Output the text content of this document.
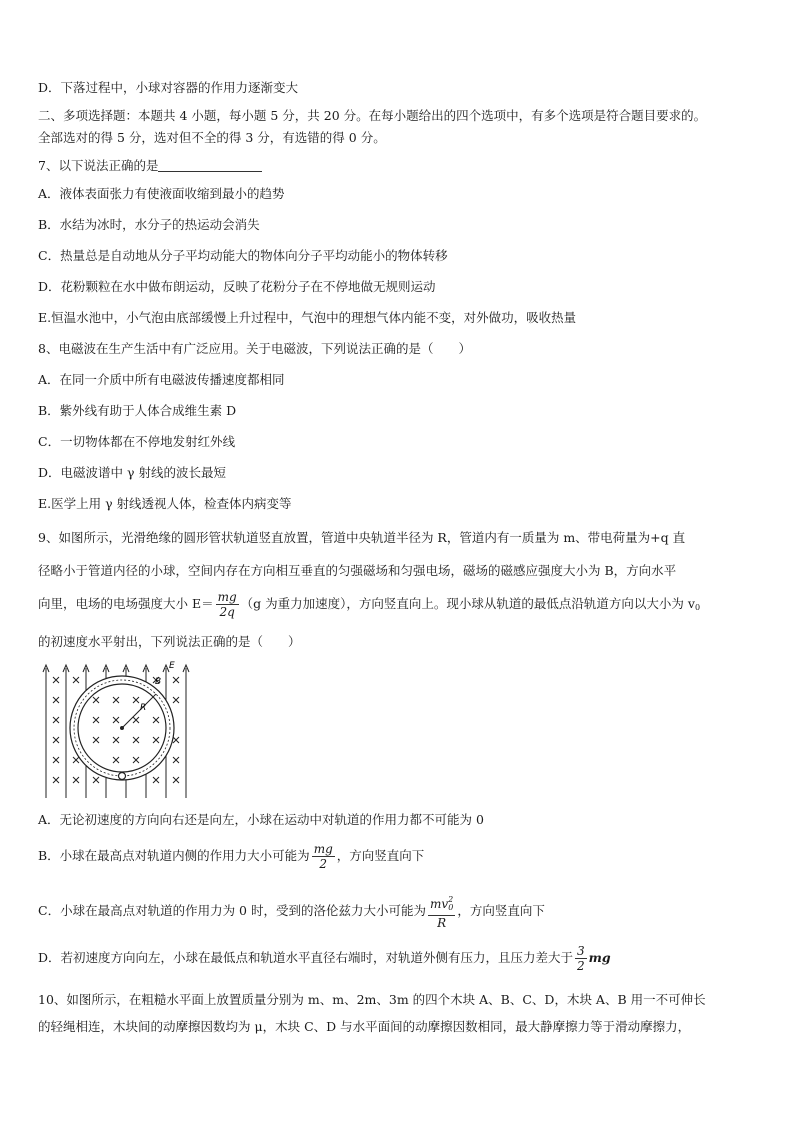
D．下落过程中，小球对容器的作用力逐渐变大
二、多项选择题：本题共 4 小题，每小题 5 分，共 20 分。在每小题给出的四个选项中，有多个选项是符合题目要求的。
全部选对的得 5 分，选对但不全的得 3 分，有选错的得 0 分。
7、以下说法正确的是
A．液体表面张力有使液面收缩到最小的趋势
B．水结为冰时，水分子的热运动会消失
C．热量总是自动地从分子平均动能大的物体向分子平均动能小的物体转移
D．花粉颗粒在水中做布朗运动，反映了花粉分子在不停地做无规则运动
E.恒温水池中，小气泡由底部缓慢上升过程中，气泡中的理想气体内能不变，对外做功，吸收热量
8、电磁波在生产生活中有广泛应用。关于电磁波，下列说法正确的是（　　）
A．在同一介质中所有电磁波传播速度都相同
B．紫外线有助于人体合成维生素 D
C．一切物体都在不停地发射红外线
D．电磁波谱中 γ 射线的波长最短
E.医学上用 γ 射线透视人体，检查体内病变等
9、如图所示，光滑绝缘的圆形管状轨道竖直放置，管道中央轨道半径为 R，管道内有一质量为 m、带电荷量为+q 直
径略小于管道内径的小球，空间内存在方向相互垂直的匀强磁场和匀强电场，磁场的磁感应强度大小为 B，方向水平
向里，电场的电场强度大小 $E= \frac{mg}{2q} (g$ 为重力加速度），方向竖直向上。现小球从轨道的最低点沿轨道方向以大小为 $v_0$
的初速度水平射出，下列说法正确的是（　　）
R
B
E
A．无论初速度的方向向右还是向左，小球在运动中对轨道的作用力都不可能为 0
B．小球在最高点对轨道内侧的作用力大小可能为 $\frac{mg}{2}$ ，方向竖直向下
C．小球在最高点对轨道的作用力为 0 时，受到的洛伦兹力大小可能为 $\frac{mv^2_0}{R}$ ，方向竖直向下
D．若初速度方向向左，小球在最低点和轨道水平直径右端时，对轨道外侧有压力，且压力差大于 $\frac{3}{2}$ mg
10、如图所示，在粗糙水平面上放置质量分别为 m、m、2m、3m 的四个木块 A、B、C、D，木块 A、B 用一不可伸长
的轻绳相连，木块间的动摩擦因数均为 μ，木块 C、D 与水平面间的动摩擦因数相同，最大静摩擦力等于滑动摩擦力，
